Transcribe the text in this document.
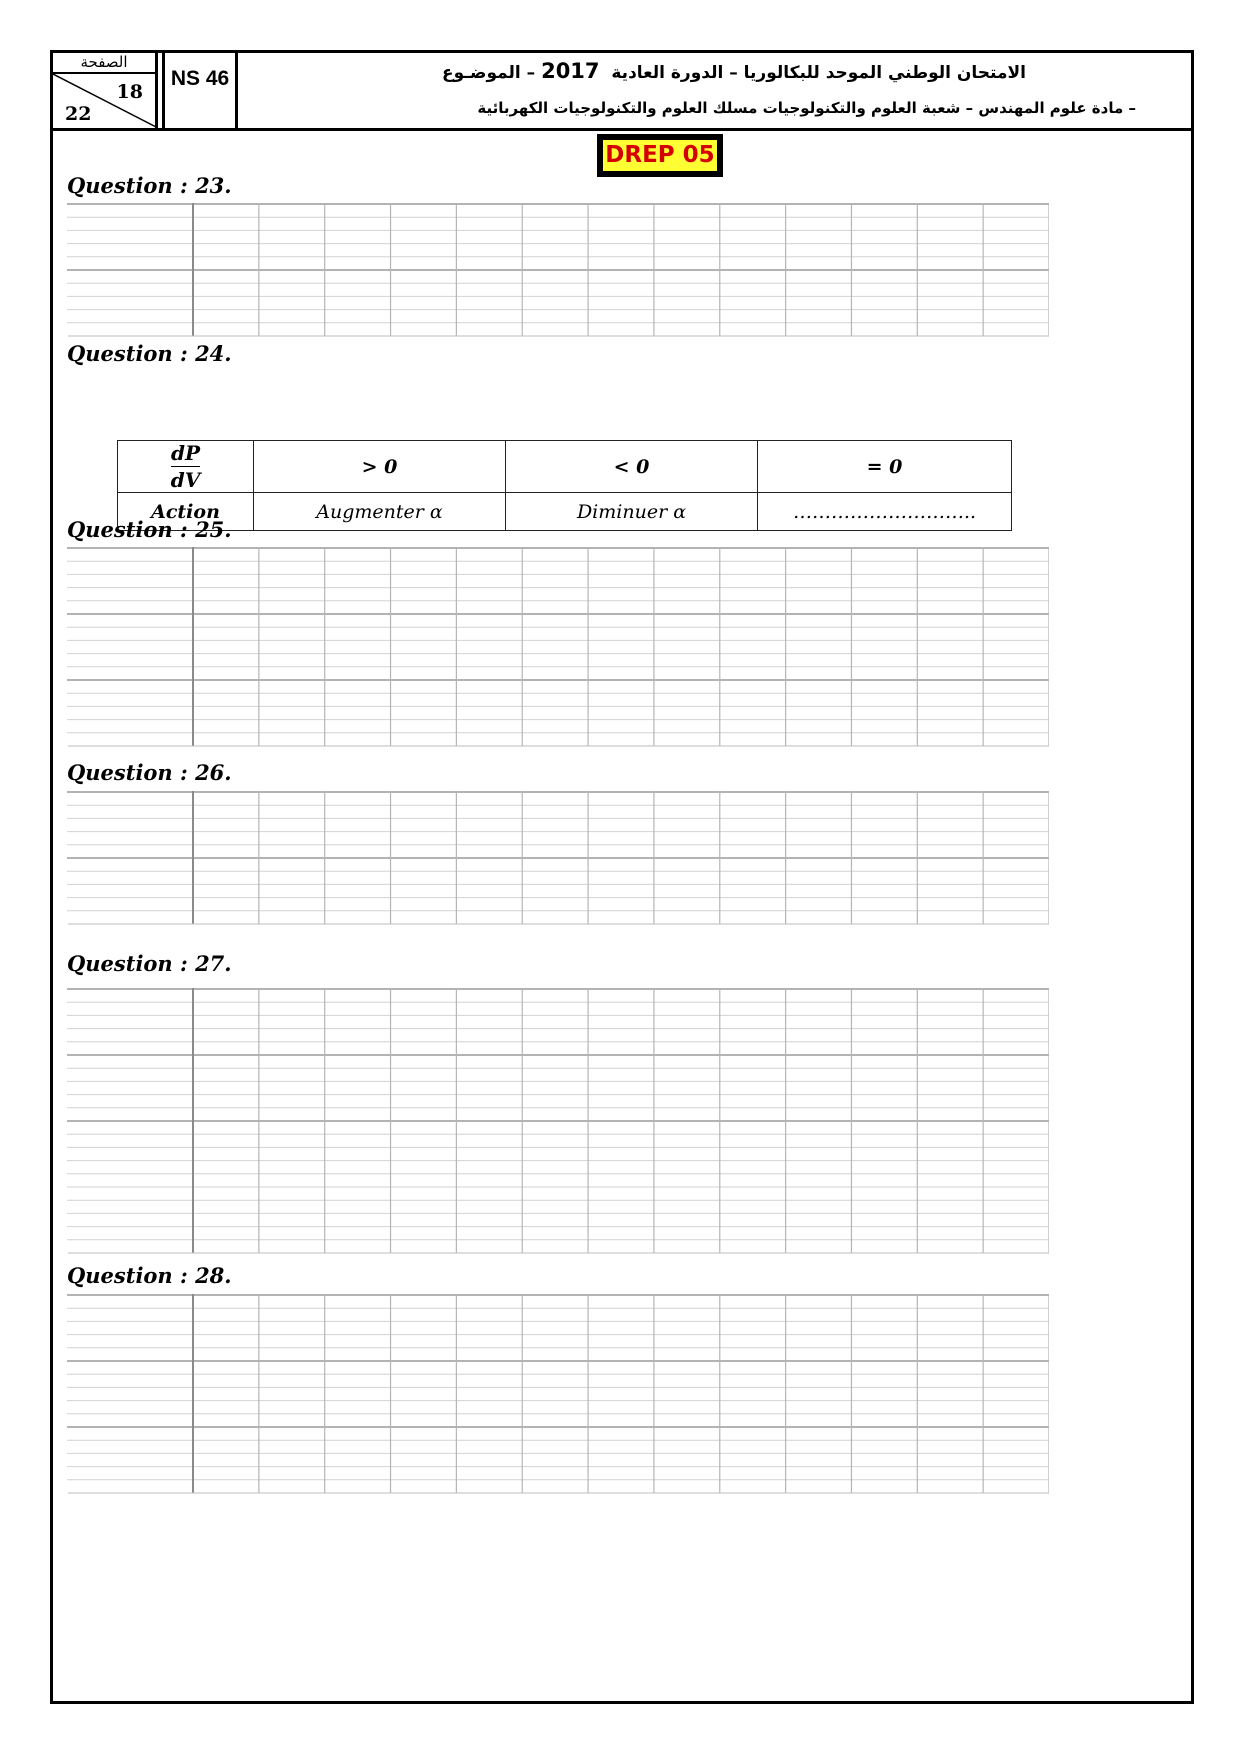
الصفحة
18
22
NS 46	الامتحان الوطني الموحد للبكالوريا – الدورة العادية  2017 – الموضـوع
– مادة علوم المهندس – شعبة العلوم والتكنولوجيات مسلك العلوم والتكنولوجيات الكهربائية
DREP 05
Question : 23.
Question : 24.
$\frac{dP}{dV}$	> 0	< 0	= 0
Action	Augmenter α	Diminuer α	………………………..
Question : 25.
Question : 26.
Question : 27.
Question : 28.
